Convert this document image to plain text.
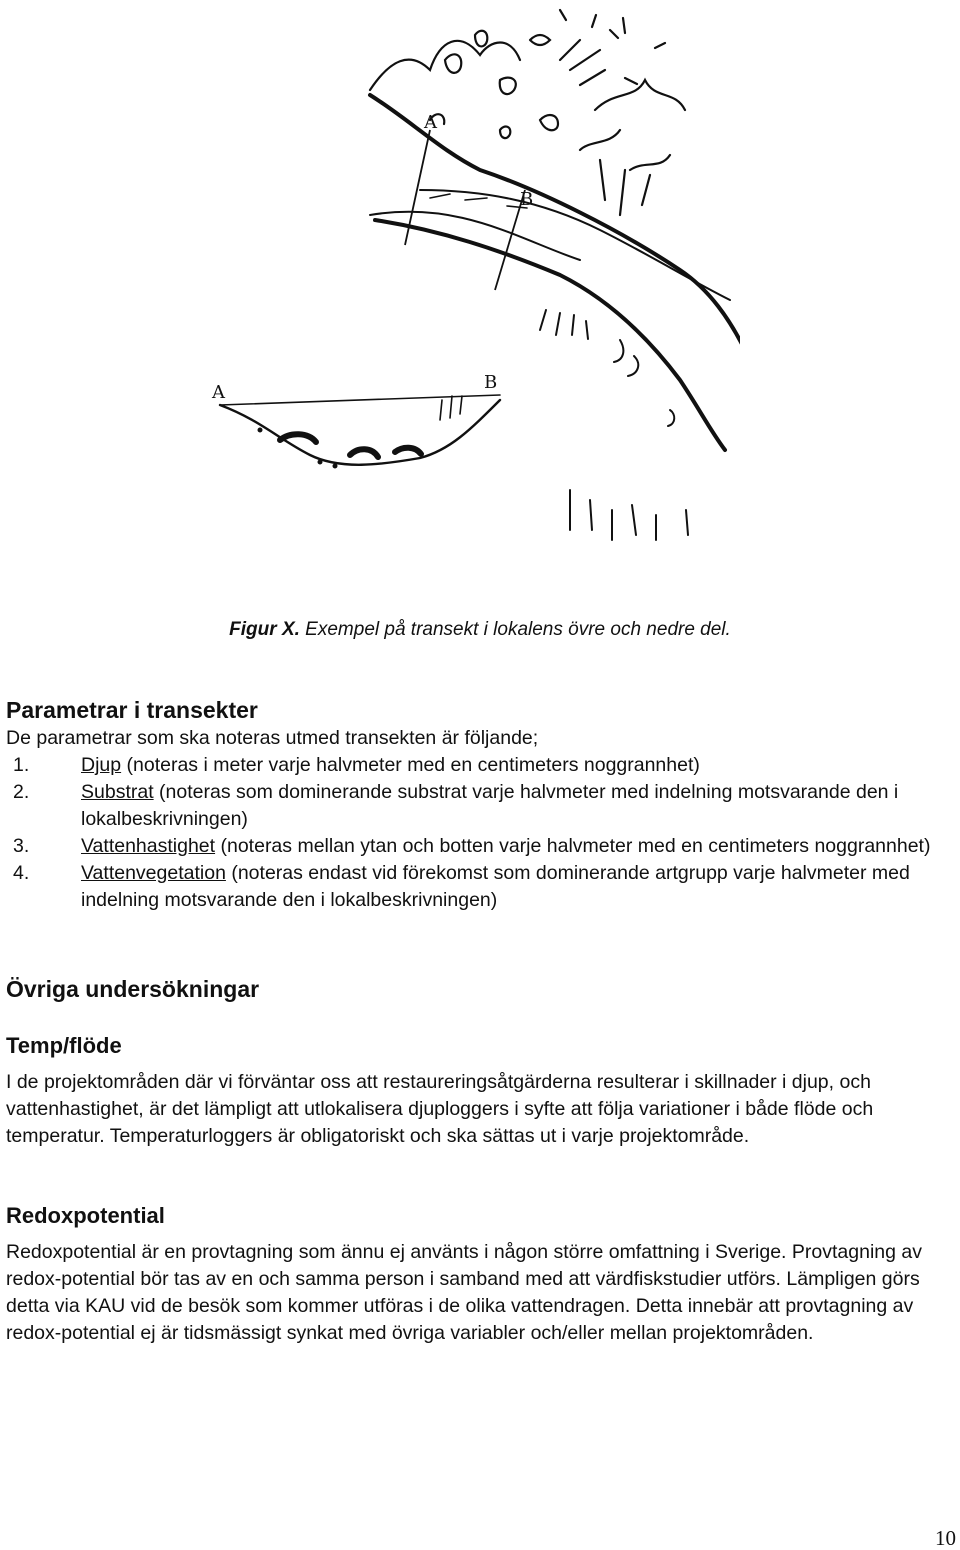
A
B
A	B
Figur X. Exempel på transekt i lokalens övre och nedre del.
Parametrar i transekter

De parametrar som ska noteras utmed transekten är följande;

1.	Djup (noteras i meter varje halvmeter med en centimeters noggrannhet)
2.	Substrat (noteras som dominerande substrat varje halvmeter med indelning motsvarande den i lokalbeskrivningen)
3.	Vattenhastighet (noteras mellan ytan och botten varje halvmeter med en centimeters noggrannhet)
4.	Vattenvegetation (noteras endast vid förekomst som dominerande artgrupp varje halvmeter med indelning motsvarande den i lokalbeskrivningen)
Övriga undersökningar
Temp/flöde

I de projektområden där vi förväntar oss att restaureringsåtgärderna resulterar i skillnader i djup, och vattenhastighet, är det lämpligt att utlokalisera djuploggers i syfte att följa variationer i både flöde och temperatur. Temperaturloggers är obligatoriskt och ska sättas ut i varje projektområde.

Redoxpotential

Redoxpotential är en provtagning som ännu ej använts i någon större omfattning i Sverige. Provtagning av redox-potential bör tas av en och samma person i samband med att värdfiskstudier utförs. Lämpligen görs detta via KAU vid de besök som kommer utföras i de olika vattendragen. Detta innebär att provtagning av redox-potential ej är tidsmässigt synkat med övriga variabler och/eller mellan projektområden.

10
